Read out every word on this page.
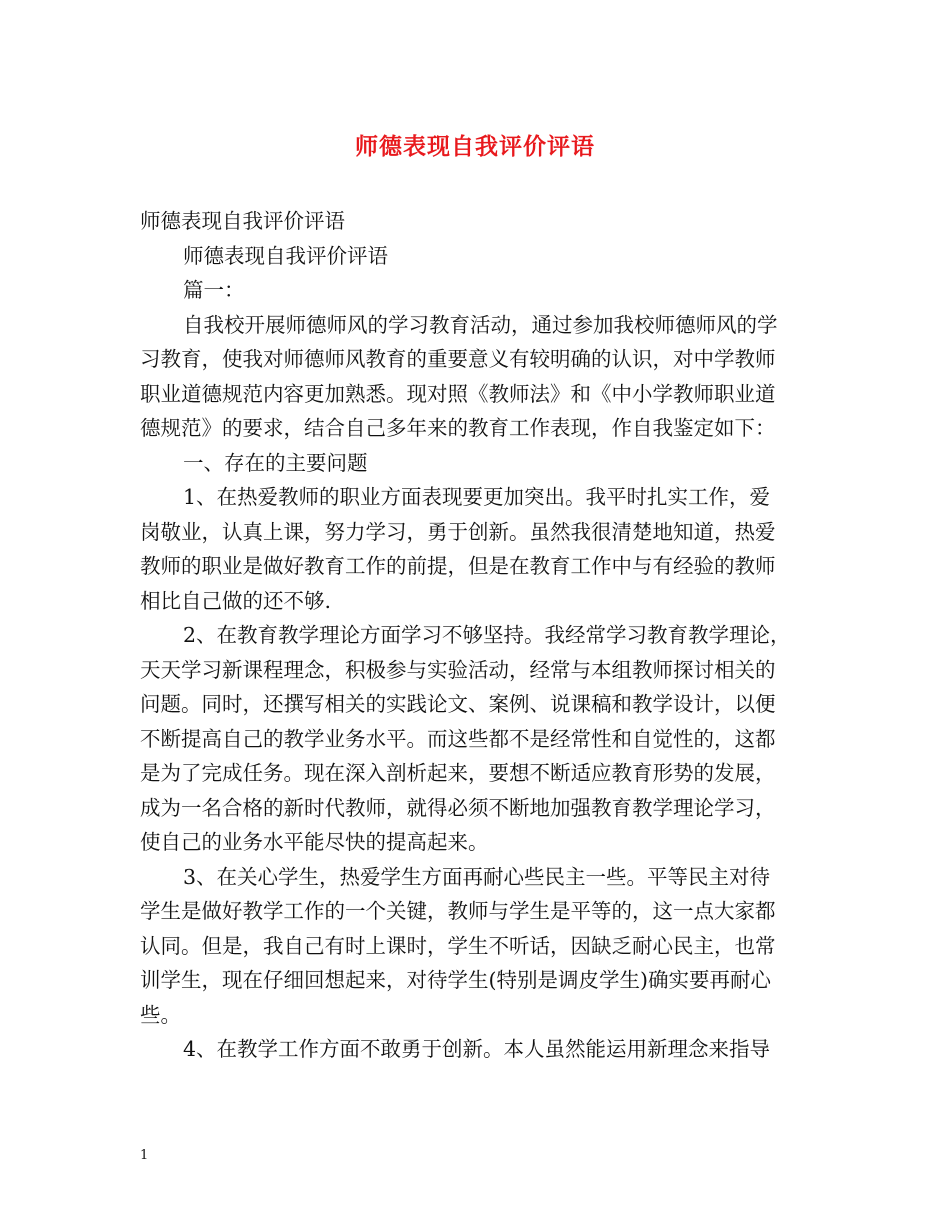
师德表现自我评价评语
师德表现自我评价评语
师德表现自我评价评语
篇一：
自我校开展师德师风的学习教育活动，通过参加我校师德师风的学
习教育，使我对师德师风教育的重要意义有较明确的认识，对中学教师
职业道德规范内容更加熟悉。现对照《教师法》和《中小学教师职业道
德规范》的要求，结合自己多年来的教育工作表现，作自我鉴定如下：
一、存在的主要问题
1、在热爱教师的职业方面表现要更加突出。我平时扎实工作，爱
岗敬业，认真上课，努力学习，勇于创新。虽然我很清楚地知道，热爱
教师的职业是做好教育工作的前提，但是在教育工作中与有经验的教师
相比自己做的还不够.
2、在教育教学理论方面学习不够坚持。我经常学习教育教学理论，
天天学习新课程理念，积极参与实验活动，经常与本组教师探讨相关的
问题。同时，还撰写相关的实践论文、案例、说课稿和教学设计，以便
不断提高自己的教学业务水平。而这些都不是经常性和自觉性的，这都
是为了完成任务。现在深入剖析起来，要想不断适应教育形势的发展，
成为一名合格的新时代教师，就得必须不断地加强教育教学理论学习，
使自己的业务水平能尽快的提高起来。
3、在关心学生，热爱学生方面再耐心些民主一些。平等民主对待
学生是做好教学工作的一个关键，教师与学生是平等的，这一点大家都
认同。但是，我自己有时上课时，学生不听话，因缺乏耐心民主，也常
训学生，现在仔细回想起来，对待学生(特别是调皮学生)确实要再耐心
些。
4、在教学工作方面不敢勇于创新。本人虽然能运用新理念来指导
1
